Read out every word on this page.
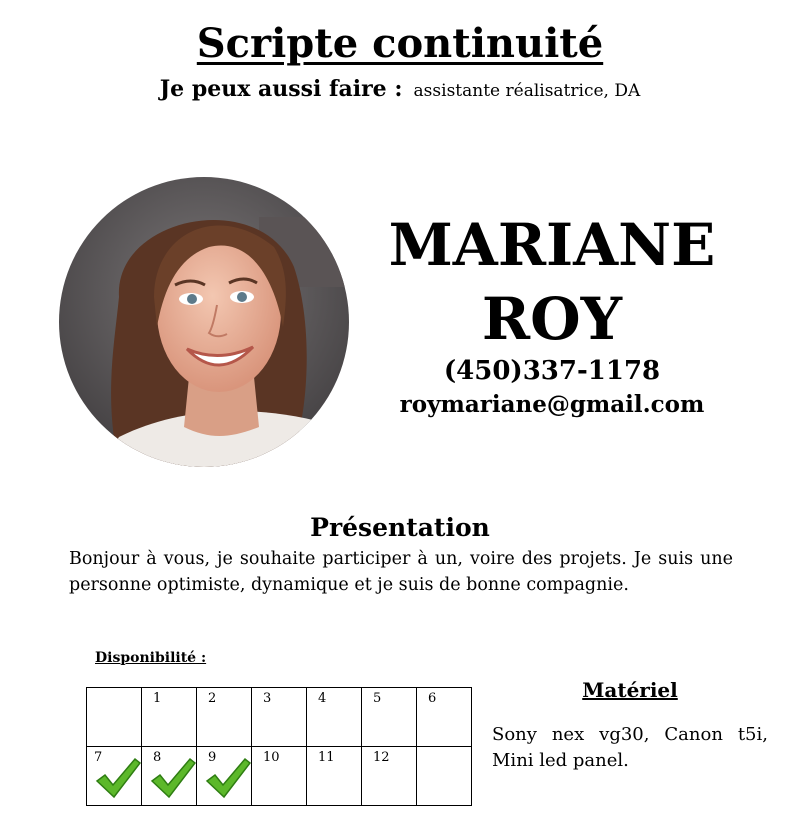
Scripte continuité
Je peux aussi faire : assistante réalisatrice, DA
MARIANE
ROY
(450)337-1178
roymariane@gmail.com
Présentation
Bonjour à vous, je souhaite participer à un, voire des projets. Je suis une personne optimiste, dynamique et je suis de bonne compagnie.
Disponibilité :

	1	2	3	4	5	6

7	8	9	10	11	12	

Matériel
Sony nex vg30, Canon t5i, Mini led panel.
